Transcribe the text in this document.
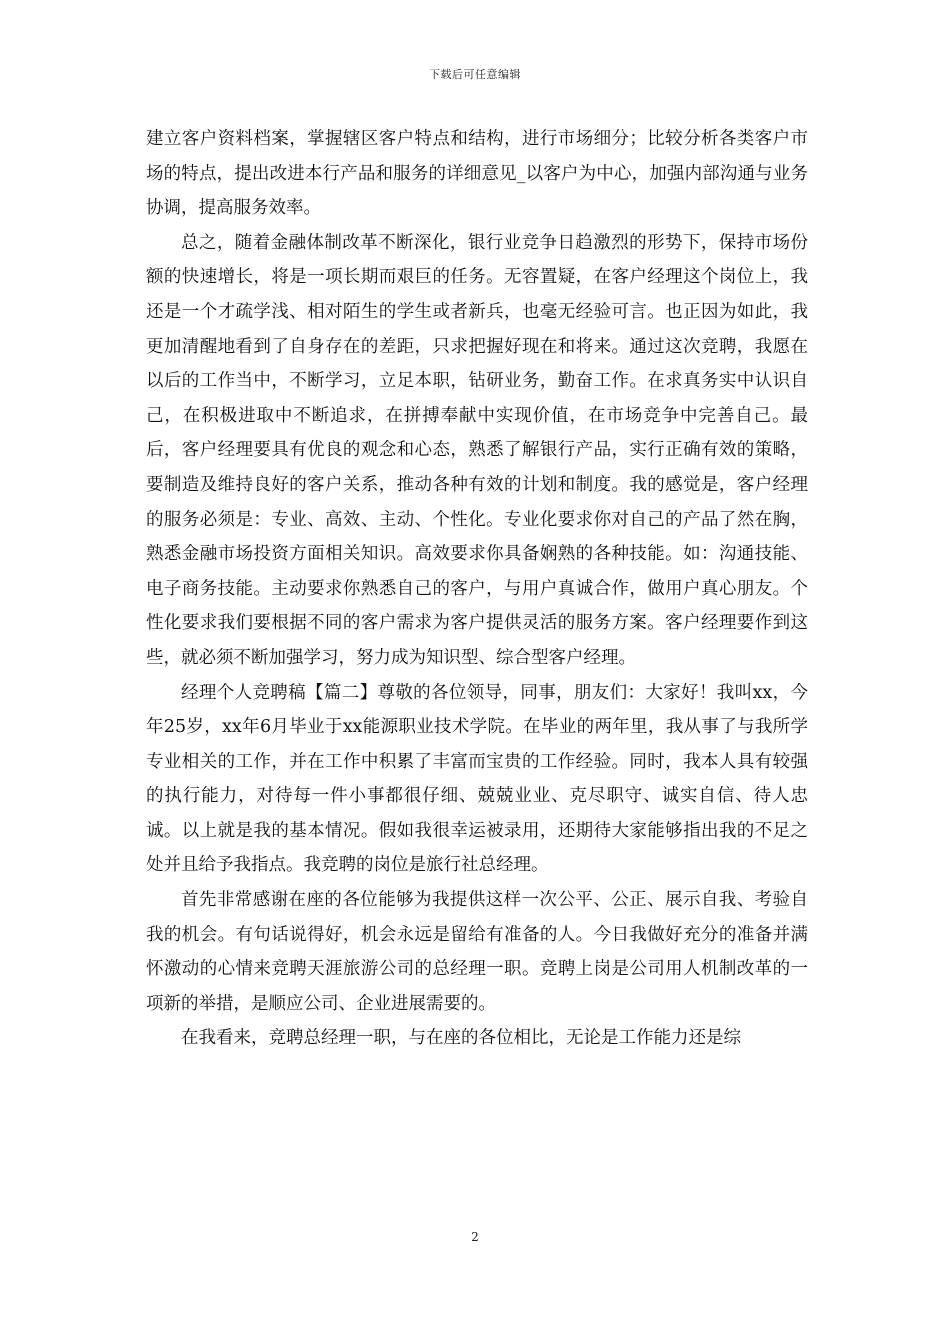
下载后可任意编辑

建立客户资料档案，掌握辖区客户特点和结构，进行市场细分；比较分析各类客户市场的特点，提出改进本行产品和服务的详细意见_以客户为中心，加强内部沟通与业务协调，提高服务效率。

总之，随着金融体制改革不断深化，银行业竞争日趋激烈的形势下，保持市场份额的快速增长，将是一项长期而艰巨的任务。无容置疑，在客户经理这个岗位上，我还是一个才疏学浅、相对陌生的学生或者新兵，也毫无经验可言。也正因为如此，我更加清醒地看到了自身存在的差距，只求把握好现在和将来。通过这次竞聘，我愿在以后的工作当中，不断学习，立足本职，钻研业务，勤奋工作。在求真务实中认识自己，在积极进取中不断追求，在拼搏奉献中实现价值，在市场竞争中完善自己。最后，客户经理要具有优良的观念和心态，熟悉了解银行产品，实行正确有效的策略，要制造及维持良好的客户关系，推动各种有效的计划和制度。我的感觉是，客户经理的服务必须是：专业、高效、主动、个性化。专业化要求你对自己的产品了然在胸，熟悉金融市场投资方面相关知识。高效要求你具备娴熟的各种技能。如：沟通技能、电子商务技能。主动要求你熟悉自己的客户，与用户真诚合作，做用户真心朋友。个性化要求我们要根据不同的客户需求为客户提供灵活的服务方案。客户经理要作到这些，就必须不断加强学习，努力成为知识型、综合型客户经理。

经理个人竞聘稿【篇二】尊敬的各位领导，同事，朋友们：大家好！我叫xx，今年25岁，xx年6月毕业于xx能源职业技术学院。在毕业的两年里，我从事了与我所学专业相关的工作，并在工作中积累了丰富而宝贵的工作经验。同时，我本人具有较强的执行能力，对待每一件小事都很仔细、兢兢业业、克尽职守、诚实自信、待人忠诚。以上就是我的基本情况。假如我很幸运被录用，还期待大家能够指出我的不足之处并且给予我指点。我竞聘的岗位是旅行社总经理。

首先非常感谢在座的各位能够为我提供这样一次公平、公正、展示自我、考验自我的机会。有句话说得好，机会永远是留给有准备的人。今日我做好充分的准备并满怀激动的心情来竞聘天涯旅游公司的总经理一职。竞聘上岗是公司用人机制改革的一项新的举措，是顺应公司、企业进展需要的。

在我看来，竞聘总经理一职，与在座的各位相比，无论是工作能力还是综

2
